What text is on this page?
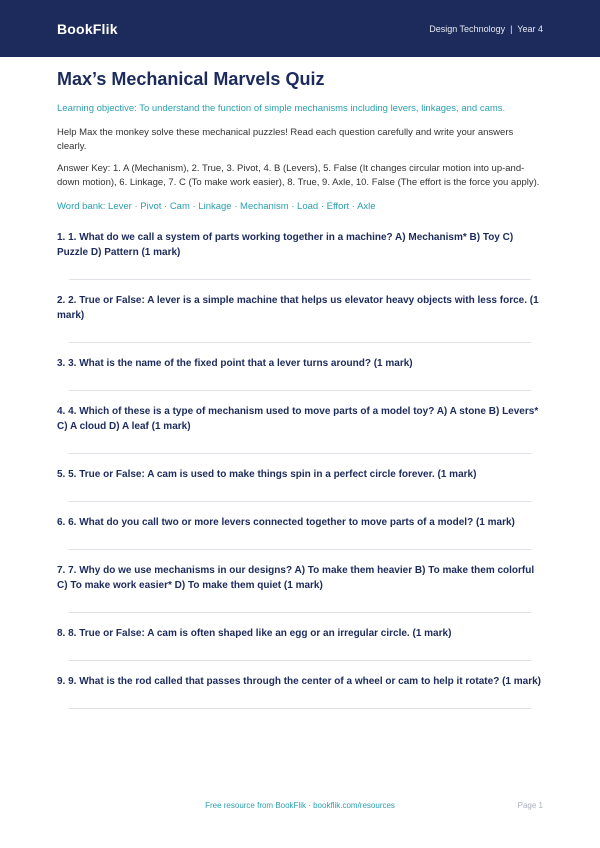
BookFlik	Design Technology | Year 4
Max’s Mechanical Marvels Quiz

Learning objective: To understand the function of simple mechanisms including levers, linkages, and cams.

Help Max the monkey solve these mechanical puzzles! Read each question carefully and write your answers clearly.

Answer Key: 1. A (Mechanism), 2. True, 3. Pivot, 4. B (Levers), 5. False (It changes circular motion into up-and-down motion), 6. Linkage, 7. C (To make work easier), 8. True, 9. Axle, 10. False (The effort is the force you apply).

Word bank: Lever · Pivot · Cam · Linkage · Mechanism · Load · Effort · Axle

1. 1. What do we call a system of parts working together in a machine? A) Mechanism* B) Toy C) Puzzle D) Pattern (1 mark)
2. 2. True or False: A lever is a simple machine that helps us elevator heavy objects with less force. (1 mark)
3. 3. What is the name of the fixed point that a lever turns around? (1 mark)
4. 4. Which of these is a type of mechanism used to move parts of a model toy? A) A stone B) Levers* C) A cloud D) A leaf (1 mark)
5. 5. True or False: A cam is used to make things spin in a perfect circle forever. (1 mark)
6. 6. What do you call two or more levers connected together to move parts of a model? (1 mark)
7. 7. Why do we use mechanisms in our designs? A) To make them heavier B) To make them colorful C) To make work easier* D) To make them quiet (1 mark)
8. 8. True or False: A cam is often shaped like an egg or an irregular circle. (1 mark)
9. 9. What is the rod called that passes through the center of a wheel or cam to help it rotate? (1 mark)
Free resource from BookFlik · bookflik.com/resources	Page 1
